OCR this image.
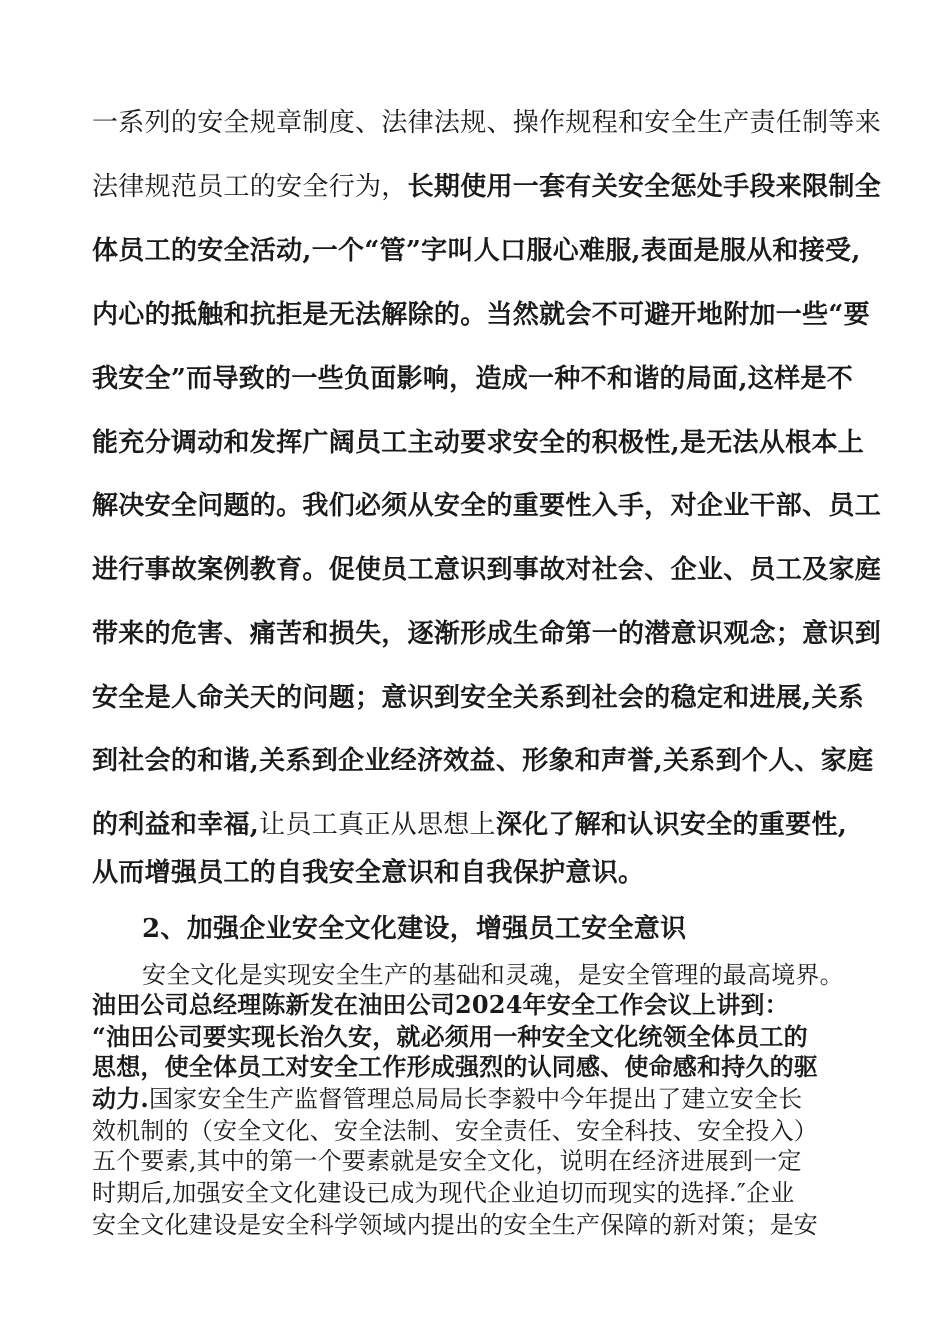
一系列的安全规章制度、法律法规、操作规程和安全生产责任制等来
法律规范员工的安全行为，长期使用一套有关安全惩处手段来限制全
体员工的安全活动,一个“管”字叫人口服心难服,表面是服从和接受,
内心的抵触和抗拒是无法解除的。当然就会不可避开地附加一些“要
我安全”而导致的一些负面影响，造成一种不和谐的局面,这样是不
能充分调动和发挥广阔员工主动要求安全的积极性,是无法从根本上
解决安全问题的。我们必须从安全的重要性入手，对企业干部、员工
进行事故案例教育。促使员工意识到事故对社会、企业、员工及家庭
带来的危害、痛苦和损失，逐渐形成生命第一的潜意识观念；意识到
安全是人命关天的问题；意识到安全关系到社会的稳定和进展,关系
到社会的和谐,关系到企业经济效益、形象和声誉,关系到个人、家庭
的利益和幸福,让员工真正从思想上深化了解和认识安全的重要性,
从而增强员工的自我安全意识和自我保护意识。
2、加强企业安全文化建设，增强员工安全意识
安全文化是实现安全生产的基础和灵魂，是安全管理的最高境界。
油田公司总经理陈新发在油田公司2024年安全工作会议上讲到：
“油田公司要实现长治久安，就必须用一种安全文化统领全体员工的
思想，使全体员工对安全工作形成强烈的认同感、使命感和持久的驱
动力.国家安全生产监督管理总局局长李毅中今年提出了建立安全长
效机制的（安全文化、安全法制、安全责任、安全科技、安全投入）
五个要素,其中的第一个要素就是安全文化，说明在经济进展到一定
时期后,加强安全文化建设已成为现代企业迫切而现实的选择.″企业
安全文化建设是安全科学领域内提出的安全生产保障的新对策；是安
